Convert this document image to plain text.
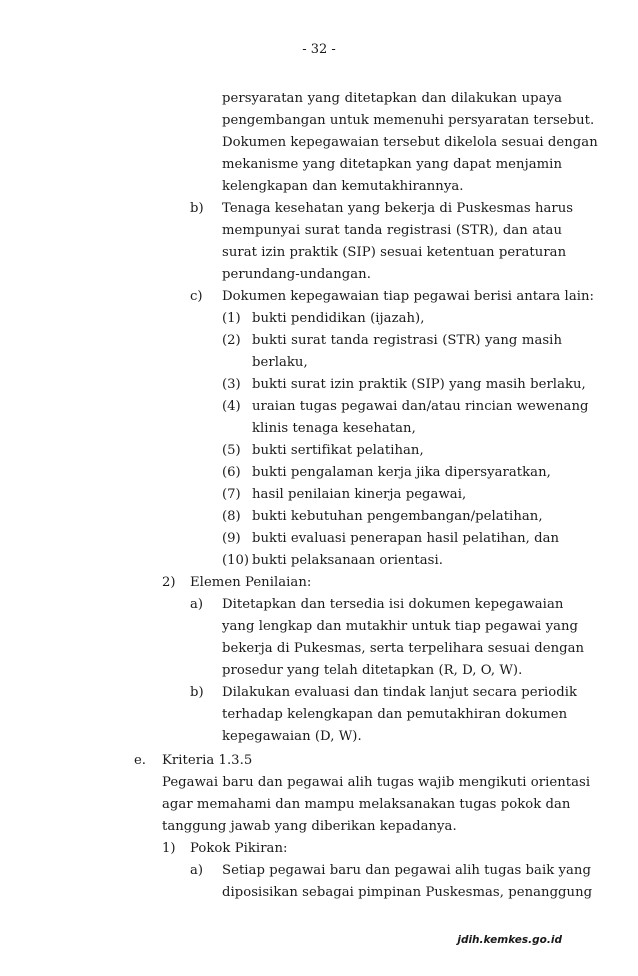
- 32 -
persyaratan yang ditetapkan dan dilakukan upaya
pengembangan untuk memenuhi persyaratan tersebut.
Dokumen kepegawaian tersebut dikelola sesuai dengan
mekanisme yang ditetapkan yang dapat menjamin
kelengkapan dan kemutakhirannya.
b) Tenaga kesehatan yang bekerja di Puskesmas harus
mempunyai surat tanda registrasi (STR), dan atau
surat izin praktik (SIP) sesuai ketentuan peraturan
perundang-undangan.
c) Dokumen kepegawaian tiap pegawai berisi antara lain:
(1) bukti pendidikan (ijazah),
(2) bukti surat tanda registrasi (STR) yang masih
berlaku,
(3) bukti surat izin praktik (SIP) yang masih berlaku,
(4) uraian tugas pegawai dan/atau rincian wewenang
klinis tenaga kesehatan,
(5) bukti sertifikat pelatihan,
(6) bukti pengalaman kerja jika dipersyaratkan,
(7) hasil penilaian kinerja pegawai,
(8) bukti kebutuhan pengembangan/pelatihan,
(9) bukti evaluasi penerapan hasil pelatihan, dan
(10) bukti pelaksanaan orientasi.
2) Elemen Penilaian:
a) Ditetapkan dan tersedia isi dokumen kepegawaian
yang lengkap dan mutakhir untuk tiap pegawai yang
bekerja di Pukesmas, serta terpelihara sesuai dengan
prosedur yang telah ditetapkan (R, D, O, W).
b) Dilakukan evaluasi dan tindak lanjut secara periodik
terhadap kelengkapan dan pemutakhiran dokumen
kepegawaian (D, W).
e. Kriteria 1.3.5
Pegawai baru dan pegawai alih tugas wajib mengikuti orientasi
agar memahami dan mampu melaksanakan tugas pokok dan
tanggung jawab yang diberikan kepadanya.
1) Pokok Pikiran:
a) Setiap pegawai baru dan pegawai alih tugas baik yang
diposisikan sebagai pimpinan Puskesmas, penanggung
jdih.kemkes.go.id
